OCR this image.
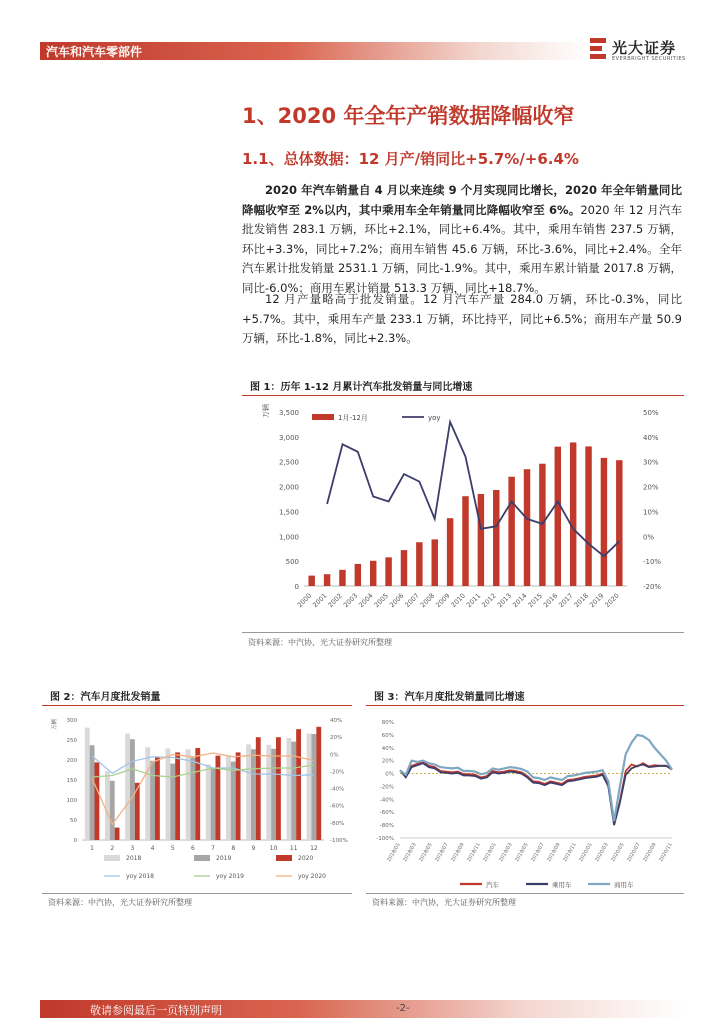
汽车和汽车零部件	光大证券
EVERBRIGHT SECURITIES
1、2020 年全年产销数据降幅收窄
1.1、总体数据：12 月产/销同比+5.7%/+6.4%
2020 年汽车销量自 4 月以来连续 9 个月实现同比增长，2020 年全年销量同比降幅收窄至 2%以内，其中乘用车全年销量同比降幅收窄至 6%。2020 年 12 月汽车批发销售 283.1 万辆，环比+2.1%，同比+6.4%。其中，乘用车销售 237.5 万辆，环比+3.3%，同比+7.2%；商用车销售 45.6 万辆，环比-3.6%，同比+2.4%。全年汽车累计批发销量 2531.1 万辆，同比-1.9%。其中，乘用车累计销量 2017.8 万辆，同比-6.0%；商用车累计销量 513.3 万辆，同比+18.7%。
12 月产量略高于批发销量。12 月汽车产量 284.0 万辆，环比-0.3%，同比+5.7%。其中，乘用车产量 233.1 万辆，环比持平，同比+6.5%；商用车产量 50.9 万辆，环比-1.8%，同比+2.3%。
图 1：历年 1-12 月累计汽车批发销量与同比增速
0
500
1,000
1,500
2,000
2,500
3,000
3,500
-20%
-10%
0%
10%
20%
30%
40%
50%
万辆
2000
2001
2002
2003
2004
2005
2006
2007
2008
2009
2010
2011
2012
2013
2014
2015
2016
2017
2018
2019
2020
1月-12月	yoy
资料来源：中汽协，光大证券研究所整理
图 2：汽车月度批发销量
0
50
100
150
200
250
300
-100%
-80%
-60%
-40%
-20%
0%
20%
40%
万辆
1	2	3	4	5	6	7	8	9 10 11 12
2018	2019	2020
yoy 2018	yoy 2019	yoy 2020
资料来源：中汽协，光大证券研究所整理
图 3：汽车月度批发销量同比增速
-100%
-80%
-60%
-40%
-20%
0%
20%
40%
60%
80%
2018/01 2018/03 2018/05 2018/07 2018/09 2018/11 2019/01 2019/03 2019/05 2019/07 2019/09 2019/11 2020/01 2020/03 2020/05 2020/07 2020/09 2020/11
汽车	乘用车	商用车
资料来源：中汽协，光大证券研究所整理
敬请参阅最后一页特别声明	-2-
